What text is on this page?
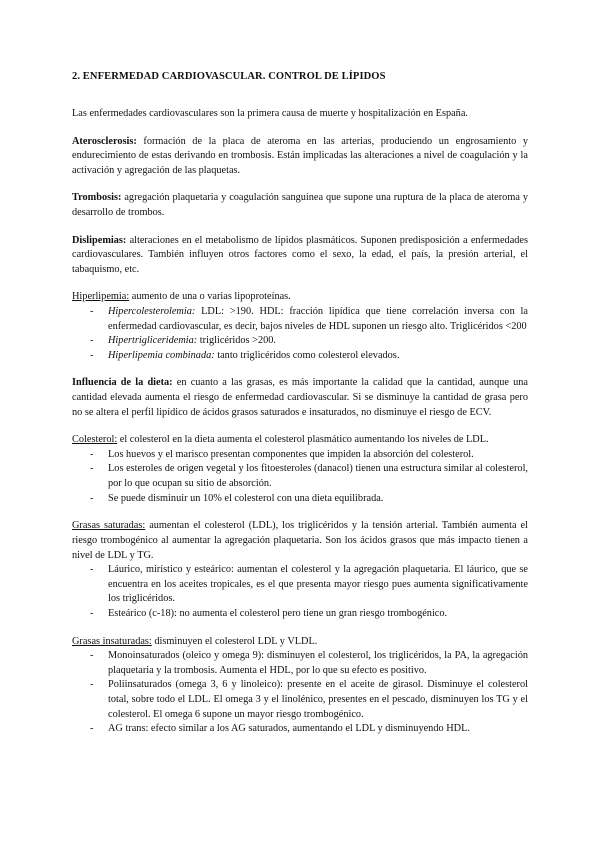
2. ENFERMEDAD CARDIOVASCULAR. CONTROL DE LÍPIDOS

Las enfermedades cardiovasculares son la primera causa de muerte y hospitalización en España.

Aterosclerosis: formación de la placa de ateroma en las arterias, produciendo un engrosamiento y endurecimiento de estas derivando en trombosis. Están implicadas las alteraciones a nivel de coagulación y la activación y agregación de las plaquetas.

Trombosis: agregación plaquetaria y coagulación sanguínea que supone una ruptura de la placa de ateroma y desarrollo de trombos.

Dislipemias: alteraciones en el metabolismo de lípidos plasmáticos. Suponen predisposición a enfermedades cardiovasculares. También influyen otros factores como el sexo, la edad, el país, la presión arterial, el tabaquismo, etc.

Hiperlipemia: aumento de una o varias lipoproteínas.

- Hipercolesterolemia: LDL: >190. HDL: fracción lipídica que tiene correlación inversa con la enfermedad cardiovascular, es decir, bajos niveles de HDL suponen un riesgo alto. Triglicéridos <200
- Hipertrigliceridemia: triglicéridos >200.
- Hiperlipemia combinada: tanto triglicéridos como colesterol elevados.

Influencia de la dieta: en cuanto a las grasas, es más importante la calidad que la cantidad, aunque una cantidad elevada aumenta el riesgo de enfermedad cardiovascular. Si se disminuye la cantidad de grasa pero no se altera el perfil lipídico de ácidos grasos saturados e insaturados, no disminuye el riesgo de ECV.

Colesterol: el colesterol en la dieta aumenta el colesterol plasmático aumentando los niveles de LDL.

- Los huevos y el marisco presentan componentes que impiden la absorción del colesterol.
- Los esteroles de origen vegetal y los fitoesteroles (danacol) tienen una estructura similar al colesterol, por lo que ocupan su sitio de absorción.
- Se puede disminuir un 10% el colesterol con una dieta equilibrada.

Grasas saturadas: aumentan el colesterol (LDL), los triglicéridos y la tensión arterial. También aumenta el riesgo trombogénico al aumentar la agregación plaquetaria. Son los ácidos grasos que más impacto tienen a nivel de LDL y TG.

- Láurico, mirístico y esteárico: aumentan el colesterol y la agregación plaquetaria. El láurico, que se encuentra en los aceites tropicales, es el que presenta mayor riesgo pues aumenta significativamente los triglicéridos.
- Esteárico (c-18): no aumenta el colesterol pero tiene un gran riesgo trombogénico.

Grasas insaturadas: disminuyen el colesterol LDL y VLDL.

- Monoinsaturados (oleico y omega 9): disminuyen el colesterol, los triglicéridos, la PA, la agregación plaquetaria y la trombosis. Aumenta el HDL, por lo que su efecto es positivo.
- Poliinsaturados (omega 3, 6 y linoleico): presente en el aceite de girasol. Disminuye el colesterol total, sobre todo el LDL. El omega 3 y el linolénico, presentes en el pescado, disminuyen los TG y el colesterol. El omega 6 supone un mayor riesgo trombogénico.
- AG trans: efecto similar a los AG saturados, aumentando el LDL y disminuyendo HDL.
